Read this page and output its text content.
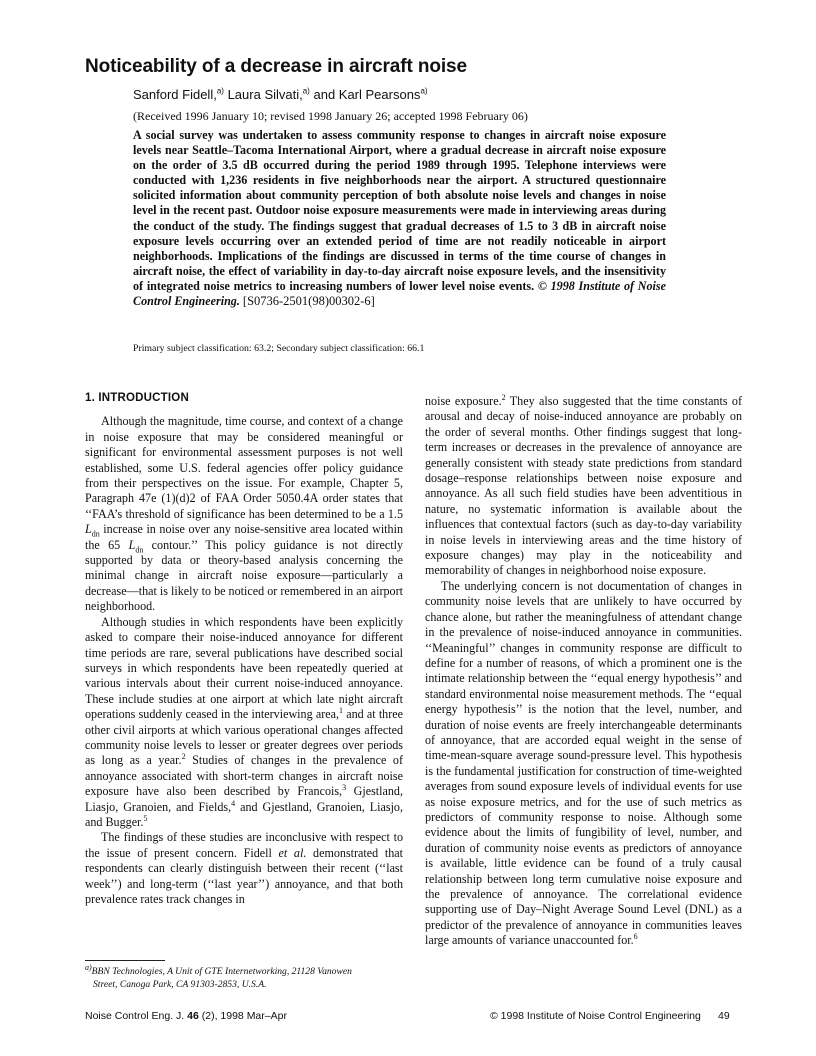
Noticeability of a decrease in aircraft noise
Sanford Fidell,$^{a)}$ Laura Silvati,$^{a)}$ and Karl Pearsons$^{a)}$
(Received 1996 January 10; revised 1998 January 26; accepted 1998 February 06)

A social survey was undertaken to assess community response to changes in aircraft noise exposure levels near Seattle–Tacoma International Airport, where a gradual decrease in aircraft noise exposure on the order of 3.5 dB occurred during the period 1989 through 1995. Telephone interviews were conducted with 1,236 residents in five neighborhoods near the airport. A structured questionnaire solicited information about community perception of both absolute noise levels and changes in noise level in the recent past. Outdoor noise exposure measurements were made in interviewing areas during the conduct of the study. The findings suggest that gradual decreases of 1.5 to 3 dB in aircraft noise exposure levels occurring over an extended period of time are not readily noticeable in airport neighborhoods. Implications of the findings are discussed in terms of the time course of changes in aircraft noise, the effect of variability in day-to-day aircraft noise exposure levels, and the insensitivity of integrated noise metrics to increasing numbers of lower level noise events. © 1998 Institute of Noise Control Engineering. [S0736-2501(98)00302-6]

Primary subject classification: 63.2; Secondary subject classification: 66.1
1. INTRODUCTION

Although the magnitude, time course, and context of a change in noise exposure that may be considered meaningful or significant for environmental assessment purposes is not well established, some U.S. federal agencies offer policy guidance from their perspectives on the issue. For example, Chapter 5, Paragraph 47e (1)(d)2 of FAA Order 5050.4A order states that ‘‘FAA’s threshold of significance has been determined to be a 1.5 $L_{dn}$ increase in noise over any noise-sensitive area located within the 65 $L_{dn}$ contour.’’ This policy guidance is not directly supported by data or theory-based analysis concerning the minimal change in aircraft noise exposure—particularly a decrease—that is likely to be noticed or remembered in an airport neighborhood.

Although studies in which respondents have been explicitly asked to compare their noise-induced annoyance for different time periods are rare, several publications have described social surveys in which respondents have been repeatedly queried at various intervals about their current noise-induced annoyance. These include studies at one airport at which late night aircraft operations suddenly ceased in the interviewing area,$^1$ and at three other civil airports at which various operational changes affected community noise levels to lesser or greater degrees over periods as long as a year.$^2$ Studies of changes in the prevalence of annoyance associated with short-term changes in aircraft noise exposure have also been described by Francois,$^3$ Gjestland, Liasjo, Granoien, and Fields,$^4$ and Gjestland, Granoien, Liasjo, and Bugger.$^5$

The findings of these studies are inconclusive with respect to the issue of present concern. Fidell et al. demonstrated that respondents can clearly distinguish between their recent (‘‘last week’’) and long-term (‘‘last year’’) annoyance, and that both prevalence rates track changes in

noise exposure.$^2$ They also suggested that the time constants of arousal and decay of noise-induced annoyance are probably on the order of several months. Other findings suggest that long-term increases or decreases in the prevalence of annoyance are generally consistent with steady state predictions from standard dosage–response relationships between noise exposure and annoyance. As all such field studies have been adventitious in nature, no systematic information is available about the influences that contextual factors (such as day-to-day variability in noise levels in interviewing areas and the time history of exposure changes) may play in the noticeability and memorability of changes in neighborhood noise exposure.

The underlying concern is not documentation of changes in community noise levels that are unlikely to have occurred by chance alone, but rather the meaningfulness of attendant change in the prevalence of noise-induced annoyance in communities. ‘‘Meaningful’’ changes in community response are difficult to define for a number of reasons, of which a prominent one is the intimate relationship between the ‘‘equal energy hypothesis’’ and standard environmental noise measurement methods. The ‘‘equal energy hypothesis’’ is the notion that the level, number, and duration of noise events are freely interchangeable determinants of annoyance, that are accorded equal weight in the sense of time-mean-square average sound-pressure level. This hypothesis is the fundamental justification for construction of time-weighted averages from sound exposure levels of individual events for use as noise exposure metrics, and for the use of such metrics as predictors of community response to noise. Although some evidence about the limits of fungibility of level, number, and duration of community noise events as predictors of annoyance is available, little evidence can be found of a truly causal relationship between long term cumulative noise exposure and the prevalence of annoyance. The correlational evidence supporting use of Day–Night Average Sound Level (DNL) as a predictor of the prevalence of annoyance in communities leaves large amounts of variance unaccounted for.$^6$

$^{a)}$BBN Technologies, A Unit of GTE Internetworking, 21128 Vanowen
Street, Canoga Park, CA 91303-2853, U.S.A.
Noise Control Eng. J. 46 (2), 1998 Mar–Apr	© 1998 Institute of Noise Control Engineering 49
